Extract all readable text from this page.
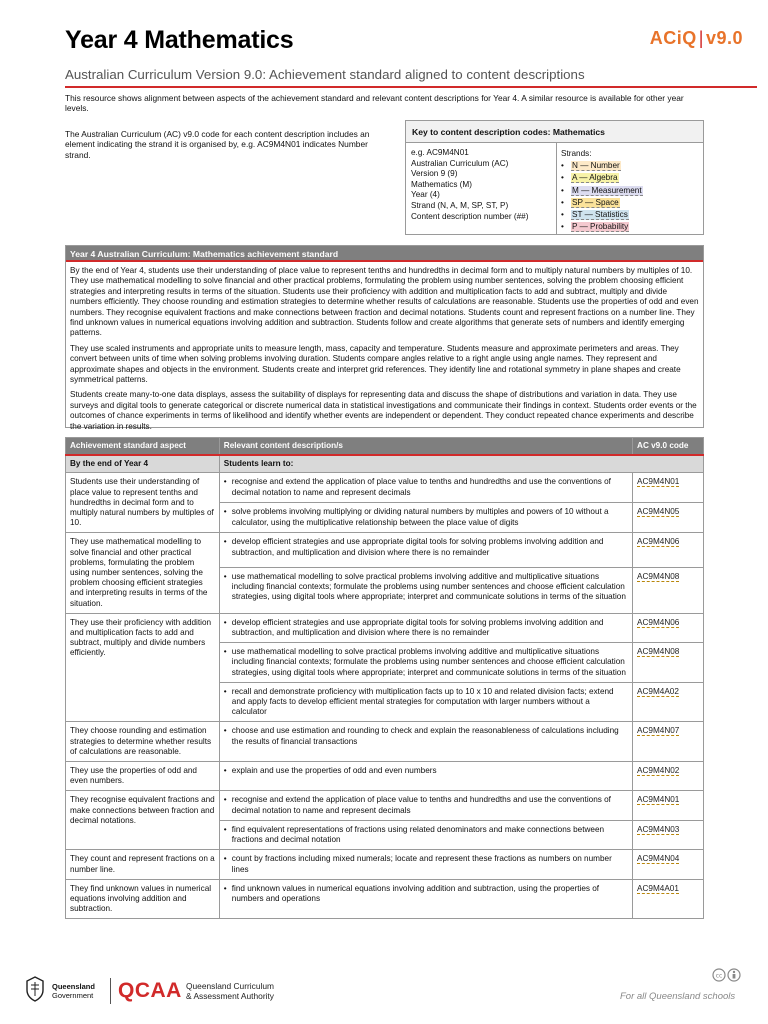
Year 4 Mathematics
Australian Curriculum Version 9.0: Achievement standard aligned to content descriptions
ACiQ | v9.0
This resource shows alignment between aspects of the achievement standard and relevant content descriptions for Year 4. A similar resource is available for other year levels.
The Australian Curriculum (AC) v9.0 code for each content description includes an element indicating the strand it is organised by, e.g. AC9M4N01 indicates Number strand.
Key to content description codes: Mathematics
e.g. AC9M4N01
Australian Curriculum (AC)
Version 9 (9)
Mathematics (M)
Year (4)
Strand (N, A, M, SP, ST, P)
Content description number (##)
Strands:
• N — Number
• A — Algebra
• M — Measurement
• SP — Space
• ST — Statistics
• P — Probability
Year 4 Australian Curriculum: Mathematics achievement standard

By the end of Year 4, students use their understanding of place value to represent tenths and hundredths in decimal form and to multiply natural numbers by multiples of 10. They use mathematical modelling to solve financial and other practical problems, formulating the problem using number sentences, solving the problem choosing efficient strategies and interpreting results in terms of the situation. Students use their proficiency with addition and multiplication facts to add and subtract, multiply and divide numbers efficiently. They choose rounding and estimation strategies to determine whether results of calculations are reasonable. Students use the properties of odd and even numbers. They recognise equivalent fractions and make connections between fraction and decimal notations. Students count and represent fractions on a number line. They find unknown values in numerical equations involving addition and subtraction. Students follow and create algorithms that generate sets of numbers and identify emerging patterns.

They use scaled instruments and appropriate units to measure length, mass, capacity and temperature. Students measure and approximate perimeters and areas. They convert between units of time when solving problems involving duration. Students compare angles relative to a right angle using angle names. They represent and approximate shapes and objects in the environment. Students create and interpret grid references. They identify line and rotational symmetry in plane shapes and create symmetrical patterns.

Students create many-to-one data displays, assess the suitability of displays for representing data and discuss the shape of distributions and variation in data. They use surveys and digital tools to generate categorical or discrete numerical data in statistical investigations and communicate their findings in context. Students order events or the outcomes of chance experiments in terms of likelihood and identify whether events are independent or dependent. They conduct repeated chance experiments and describe the variation in results.

Achievement standard aspect	Relevant content description/s	AC v9.0 code
By the end of Year 4	Students learn to:	
Students use their understanding of place value to represent tenths and hundredths in decimal form and to multiply natural numbers by multiples of 10.	• recognise and extend the application of place value to tenths and hundredths and use the conventions of decimal notation to name and represent decimals	AC9M4N01

	• solve problems involving multiplying or dividing natural numbers by multiples and powers of 10 without a calculator, using the multiplicative relationship between the place value of digits	AC9M4N05
They use mathematical modelling to solve financial and other practical problems, formulating the problem using number sentences, solving the problem choosing efficient strategies and interpreting results in terms of the situation.	• develop efficient strategies and use appropriate digital tools for solving problems involving addition and subtraction, and multiplication and division where there is no remainder	AC9M4N06

	• use mathematical modelling to solve practical problems involving additive and multiplicative situations including financial contexts; formulate the problems using number sentences and choose efficient calculation strategies, using digital tools where appropriate; interpret and communicate solutions in terms of the situation	AC9M4N08
They use their proficiency with addition and multiplication facts to add and subtract, multiply and divide numbers efficiently.	• develop efficient strategies and use appropriate digital tools for solving problems involving addition and subtraction, and multiplication and division where there is no remainder	AC9M4N06

	• use mathematical modelling to solve practical problems involving additive and multiplicative situations including financial contexts; formulate the problems using number sentences and choose efficient calculation strategies, using digital tools where appropriate; interpret and communicate solutions in terms of the situation	AC9M4N08

	• recall and demonstrate proficiency with multiplication facts up to 10 x 10 and related division facts; extend and apply facts to develop efficient mental strategies for computation with larger numbers without a calculator	AC9M4A02
They choose rounding and estimation strategies to determine whether results of calculations are reasonable.	• choose and use estimation and rounding to check and explain the reasonableness of calculations including the results of financial transactions	AC9M4N07
They use the properties of odd and even numbers.	• explain and use the properties of odd and even numbers	AC9M4N02
They recognise equivalent fractions and make connections between fraction and decimal notations.	• recognise and extend the application of place value to tenths and hundredths and use the conventions of decimal notation to name and represent decimals	AC9M4N01

	• find equivalent representations of fractions using related denominators and make connections between fractions and decimal notation	AC9M4N03
They count and represent fractions on a number line.	• count by fractions including mixed numerals; locate and represent these fractions as numbers on number lines	AC9M4N04
They find unknown values in numerical equations involving addition and subtraction.	• find unknown values in numerical equations involving addition and subtraction, using the properties of numbers and operations	AC9M4A01
Queensland
Government QCAA Queensland Curriculum
& Assessment Authority
cc
For all Queensland schools
